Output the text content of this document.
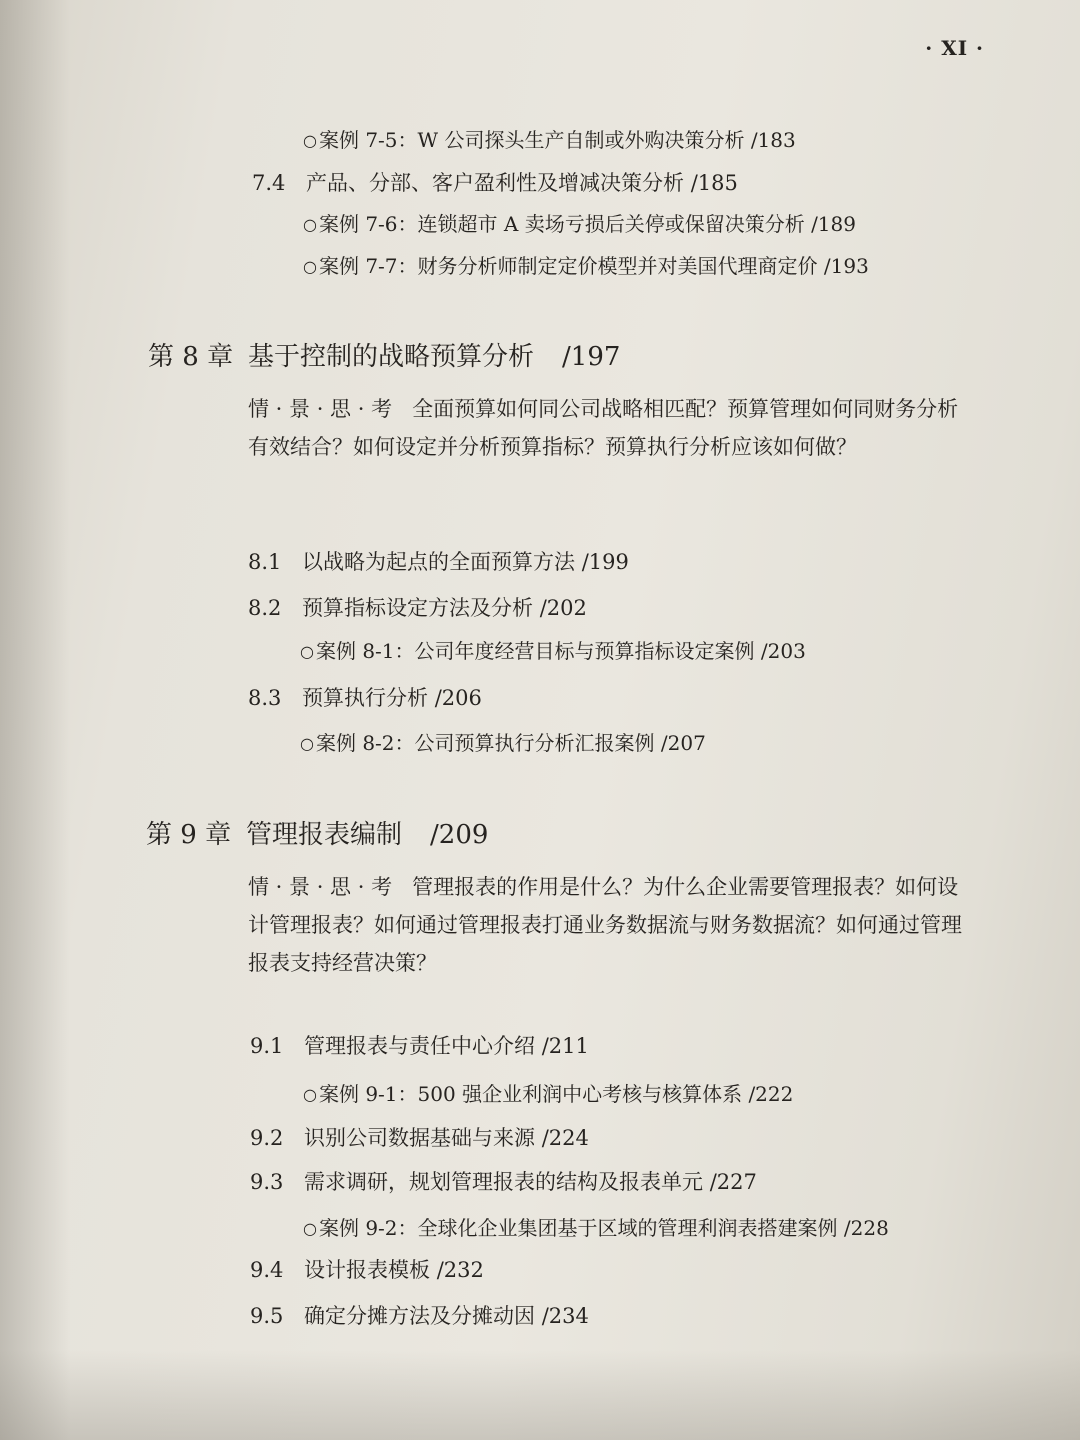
· XI ·
○ 案例 7-5：W 公司探头生产自制或外购决策分析 /183
7.4 产品、分部、客户盈利性及增减决策分析 /185
○ 案例 7-6：连锁超市 A 卖场亏损后关停或保留决策分析 /189
○ 案例 7-7：财务分析师制定定价模型并对美国代理商定价 /193
第 8 章 基于控制的战略预算分析 /197
情 · 景 · 思 · 考 全面预算如何同公司战略相匹配？预算管理如何同财务分析有效结合？如何设定并分析预算指标？预算执行分析应该如何做？
8.1 以战略为起点的全面预算方法 /199
8.2 预算指标设定方法及分析 /202
○ 案例 8-1：公司年度经营目标与预算指标设定案例 /203
8.3 预算执行分析 /206
○ 案例 8-2：公司预算执行分析汇报案例 /207
第 9 章 管理报表编制 /209
情 · 景 · 思 · 考 管理报表的作用是什么？为什么企业需要管理报表？如何设计管理报表？如何通过管理报表打通业务数据流与财务数据流？如何通过管理报表支持经营决策？
9.1 管理报表与责任中心介绍 /211
○ 案例 9-1：500 强企业利润中心考核与核算体系 /222
9.2 识别公司数据基础与来源 /224
9.3 需求调研，规划管理报表的结构及报表单元 /227
○ 案例 9-2：全球化企业集团基于区域的管理利润表搭建案例 /228
9.4 设计报表模板 /232
9.5 确定分摊方法及分摊动因 /234
